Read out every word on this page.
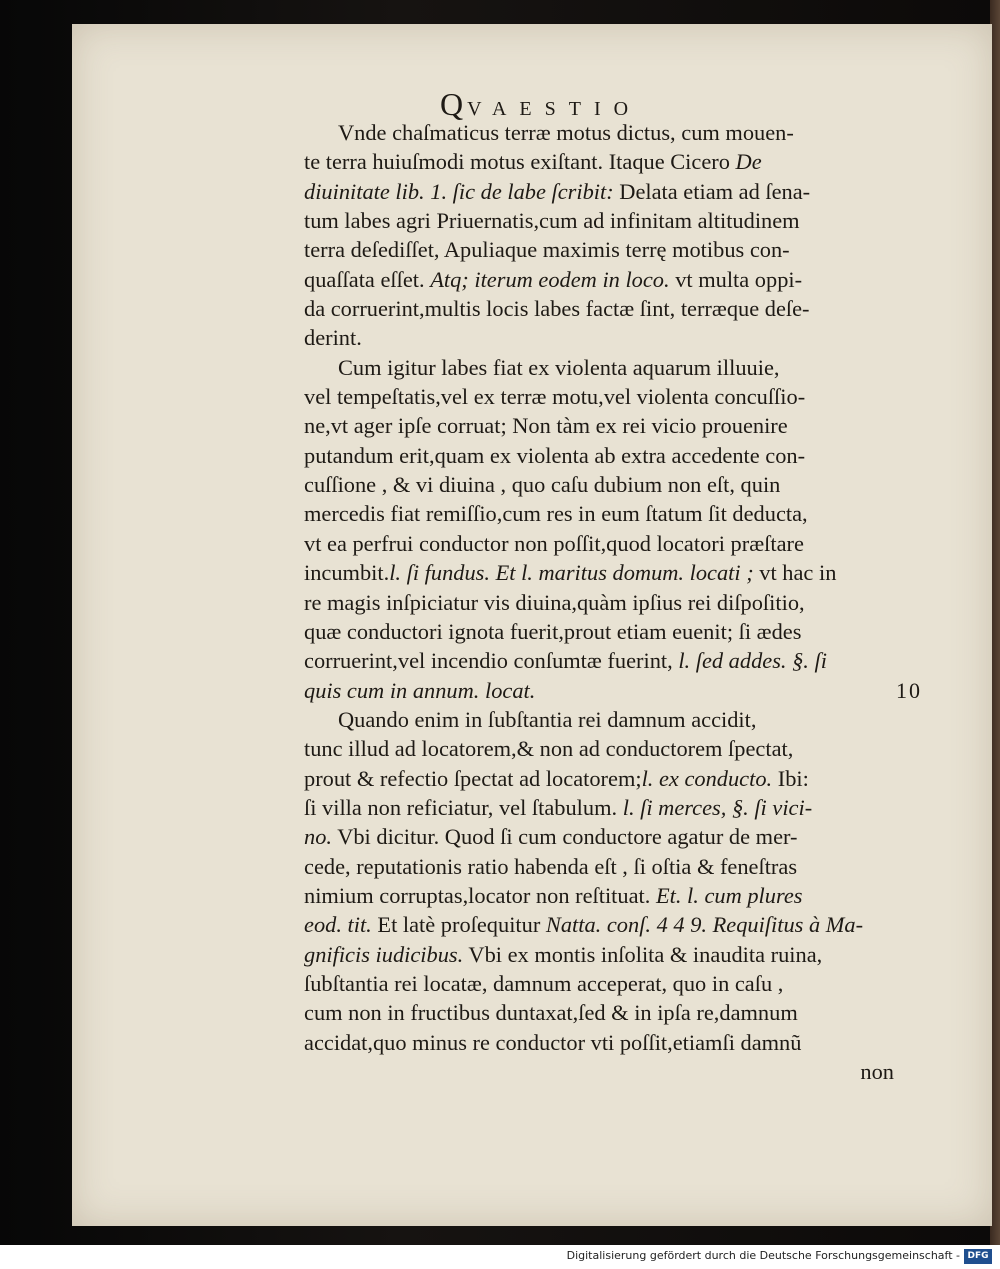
QVAESTIO
Vnde chaſmaticus terræ motus dictus, cum mouen-
te terra huiuſmodi motus exiſtant. Itaque Cicero De
diuinitate lib. 1. ſic de labe ſcribit: Delata etiam ad ſena-
tum labes agri Priuernatis,cum ad infinitam altitudinem
terra deſediſſet, Apuliaque maximis terrę motibus con-
quaſſata eſſet. Atq; iterum eodem in loco. vt multa oppi-
da corruerint,multis locis labes factæ ſint, terræque deſe-
derint.
Cum igitur labes fiat ex violenta aquarum illuuie,
vel tempeſtatis,vel ex terræ motu,vel violenta concuſſio-
ne,vt ager ipſe corruat; Non tàm ex rei vicio prouenire
putandum erit,quam ex violenta ab extra accedente con-
cuſſione , & vi diuina , quo caſu dubium non eſt, quin
mercedis fiat remiſſio,cum res in eum ſtatum ſit deducta,
vt ea perfrui conductor non poſſit,quod locatori præſtare
incumbit.l. ſi fundus. Et l. maritus domum. locati ; vt hac in
re magis inſpiciatur vis diuina,quàm ipſius rei diſpoſitio,
quæ conductori ignota fuerit,prout etiam euenit; ſi ædes
corruerint,vel incendio conſumtæ fuerint, l. ſed addes. §. ſi
quis cum in annum. locat.
Quando enim in ſubſtantia rei damnum accidit,
tunc illud ad locatorem,& non ad conductorem ſpectat,
prout & refectio ſpectat ad locatorem;l. ex conducto. Ibi:
ſi villa non reficiatur, vel ſtabulum. l. ſi merces, §. ſi vici-
no. Vbi dicitur. Quod ſi cum conductore agatur de mer-
cede, reputationis ratio habenda eſt , ſi oſtia & feneſtras
nimium corruptas,locator non reſtituat. Et. l. cum plures
eod. tit. Et latè proſequitur Natta. conſ. 4 4 9. Requiſitus à Ma-
gnificis iudicibus. Vbi ex montis inſolita & inaudita ruina,
ſubſtantia rei locatæ, damnum acceperat, quo in caſu ,
cum non in fructibus duntaxat,ſed & in ipſa re,damnum
accidat,quo minus re conductor vti poſſit,etiamſi damnũ
non
10
Digitalisierung gefördert durch die Deutsche Forschungsgemeinschaft - DFG
